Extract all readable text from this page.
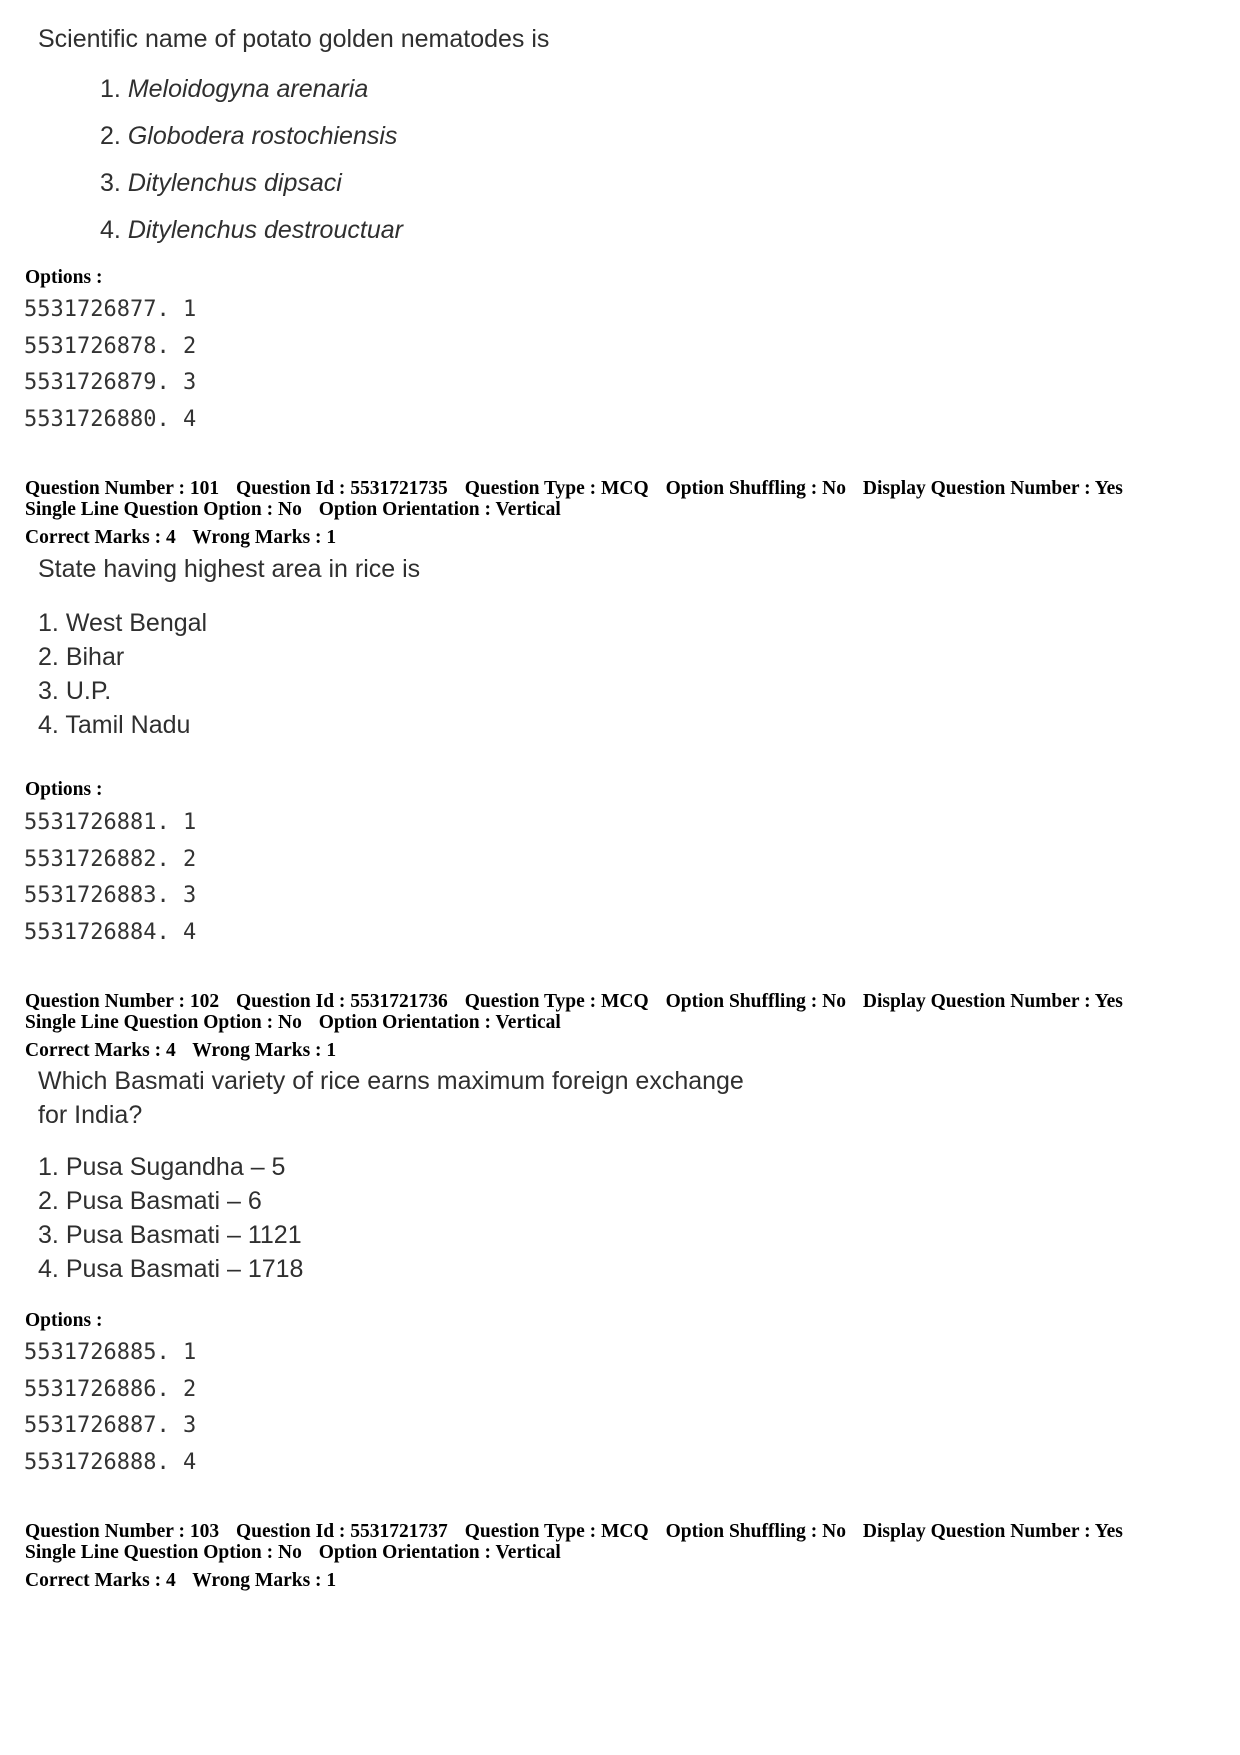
Scientific name of potato golden nematodes is

1. Meloidogyna arenaria
2. Globodera rostochiensis
3. Ditylenchus dipsaci
4. Ditylenchus destrouctuar
Options :
5531726877. 1
5531726878. 2
5531726879. 3
5531726880. 4
Question Number : 101 Question Id : 5531721735 Question Type : MCQ Option Shuffling : No Display Question Number : Yes
Single Line Question Option : No Option Orientation : Vertical
Correct Marks : 4 Wrong Marks : 1

State having highest area in rice is

1. West Bengal
2. Bihar
3. U.P.
4. Tamil Nadu
Options :
5531726881. 1
5531726882. 2
5531726883. 3
5531726884. 4
Question Number : 102 Question Id : 5531721736 Question Type : MCQ Option Shuffling : No Display Question Number : Yes
Single Line Question Option : No Option Orientation : Vertical
Correct Marks : 4 Wrong Marks : 1

Which Basmati variety of rice earns maximum foreign exchange

for India?

1. Pusa Sugandha – 5
2. Pusa Basmati – 6
3. Pusa Basmati – 1121
4. Pusa Basmati – 1718
Options :
5531726885. 1
5531726886. 2
5531726887. 3
5531726888. 4
Question Number : 103 Question Id : 5531721737 Question Type : MCQ Option Shuffling : No Display Question Number : Yes
Single Line Question Option : No Option Orientation : Vertical
Correct Marks : 4 Wrong Marks : 1
